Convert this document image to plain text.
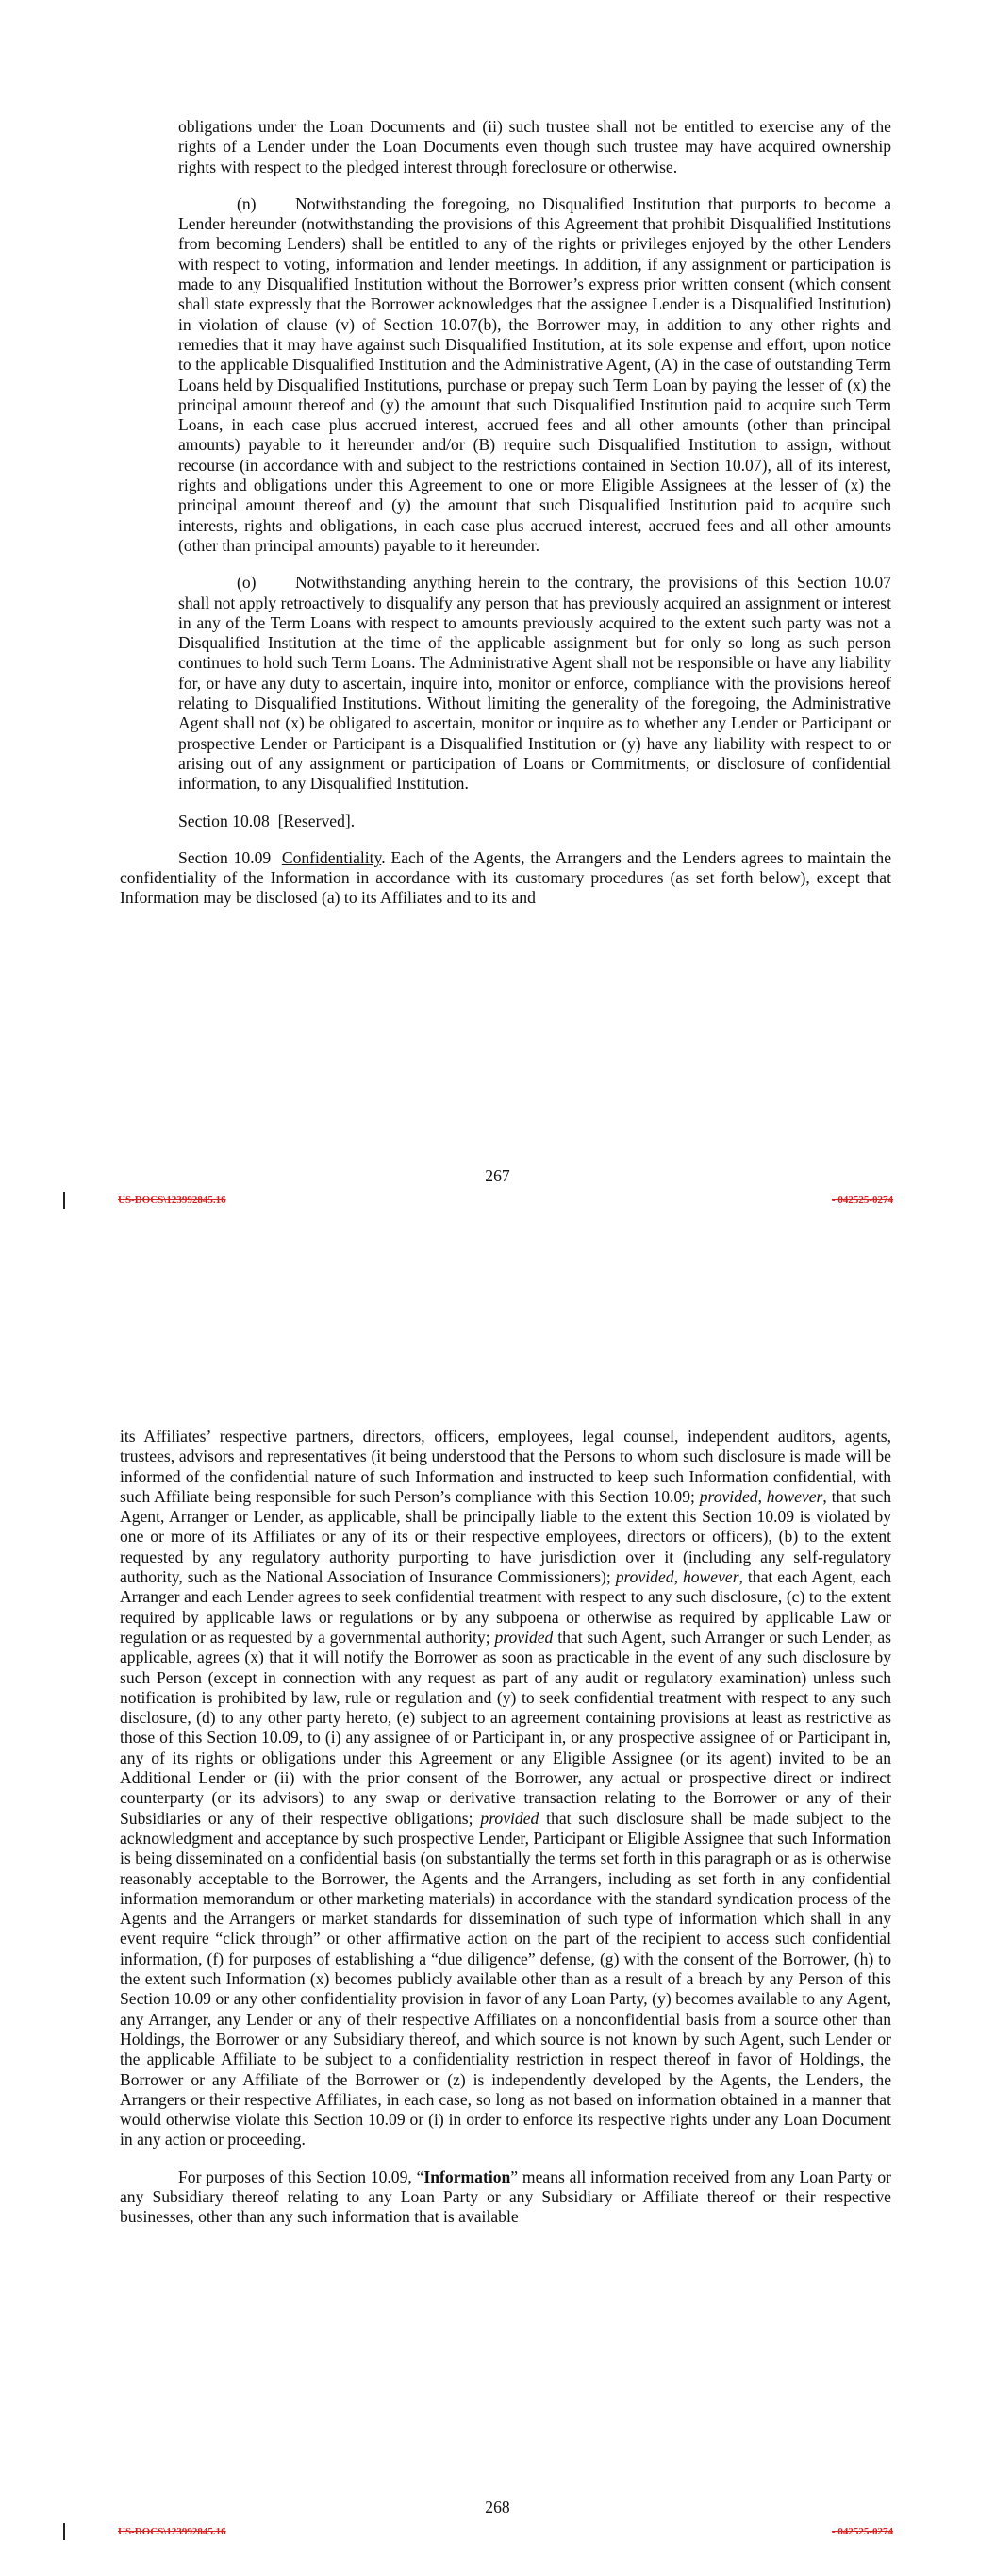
obligations under the Loan Documents and (ii) such trustee shall not be entitled to exercise any of the rights of a Lender under the Loan Documents even though such trustee may have acquired ownership rights with respect to the pledged interest through foreclosure or otherwise.

(n) Notwithstanding the foregoing, no Disqualified Institution that purports to become a Lender hereunder (notwithstanding the provisions of this Agreement that prohibit Disqualified Institutions from becoming Lenders) shall be entitled to any of the rights or privileges enjoyed by the other Lenders with respect to voting, information and lender meetings. In addition, if any assignment or participation is made to any Disqualified Institution without the Borrower’s express prior written consent (which consent shall state expressly that the Borrower acknowledges that the assignee Lender is a Disqualified Institution) in violation of clause (v) of Section 10.07(b), the Borrower may, in addition to any other rights and remedies that it may have against such Disqualified Institution, at its sole expense and effort, upon notice to the applicable Disqualified Institution and the Administrative Agent, (A) in the case of outstanding Term Loans held by Disqualified Institutions, purchase or prepay such Term Loan by paying the lesser of (x) the principal amount thereof and (y) the amount that such Disqualified Institution paid to acquire such Term Loans, in each case plus accrued interest, accrued fees and all other amounts (other than principal amounts) payable to it hereunder and/or (B) require such Disqualified Institution to assign, without recourse (in accordance with and subject to the restrictions contained in Section 10.07), all of its interest, rights and obligations under this Agreement to one or more Eligible Assignees at the lesser of (x) the principal amount thereof and (y) the amount that such Disqualified Institution paid to acquire such interests, rights and obligations, in each case plus accrued interest, accrued fees and all other amounts (other than principal amounts) payable to it hereunder.

(o) Notwithstanding anything herein to the contrary, the provisions of this Section 10.07 shall not apply retroactively to disqualify any person that has previously acquired an assignment or interest in any of the Term Loans with respect to amounts previously acquired to the extent such party was not a Disqualified Institution at the time of the applicable assignment but for only so long as such person continues to hold such Term Loans. The Administrative Agent shall not be responsible or have any liability for, or have any duty to ascertain, inquire into, monitor or enforce, compliance with the provisions hereof relating to Disqualified Institutions. Without limiting the generality of the foregoing, the Administrative Agent shall not (x) be obligated to ascertain, monitor or inquire as to whether any Lender or Participant or prospective Lender or Participant is a Disqualified Institution or (y) have any liability with respect to or arising out of any assignment or participation of Loans or Commitments, or disclosure of confidential information, to any Disqualified Institution.

Section 10.08 [Reserved].

Section 10.09 Confidentiality. Each of the Agents, the Arrangers and the Lenders agrees to maintain the confidentiality of the Information in accordance with its customary procedures (as set forth below), except that Information may be disclosed (a) to its Affiliates and to its and

267
US-DOCS\123992845.16	- 042525-0274

its Affiliates’ respective partners, directors, officers, employees, legal counsel, independent auditors, agents, trustees, advisors and representatives (it being understood that the Persons to whom such disclosure is made will be informed of the confidential nature of such Information and instructed to keep such Information confidential, with such Affiliate being responsible for such Person’s compliance with this Section 10.09; provided, however, that such Agent, Arranger or Lender, as applicable, shall be principally liable to the extent this Section 10.09 is violated by one or more of its Affiliates or any of its or their respective employees, directors or officers), (b) to the extent requested by any regulatory authority purporting to have jurisdiction over it (including any self-regulatory authority, such as the National Association of Insurance Commissioners); provided, however, that each Agent, each Arranger and each Lender agrees to seek confidential treatment with respect to any such disclosure, (c) to the extent required by applicable laws or regulations or by any subpoena or otherwise as required by applicable Law or regulation or as requested by a governmental authority; provided that such Agent, such Arranger or such Lender, as applicable, agrees (x) that it will notify the Borrower as soon as practicable in the event of any such disclosure by such Person (except in connection with any request as part of any audit or regulatory examination) unless such notification is prohibited by law, rule or regulation and (y) to seek confidential treatment with respect to any such disclosure, (d) to any other party hereto, (e) subject to an agreement containing provisions at least as restrictive as those of this Section 10.09, to (i) any assignee of or Participant in, or any prospective assignee of or Participant in, any of its rights or obligations under this Agreement or any Eligible Assignee (or its agent) invited to be an Additional Lender or (ii) with the prior consent of the Borrower, any actual or prospective direct or indirect counterparty (or its advisors) to any swap or derivative transaction relating to the Borrower or any of their Subsidiaries or any of their respective obligations; provided that such disclosure shall be made subject to the acknowledgment and acceptance by such prospective Lender, Participant or Eligible Assignee that such Information is being disseminated on a confidential basis (on substantially the terms set forth in this paragraph or as is otherwise reasonably acceptable to the Borrower, the Agents and the Arrangers, including as set forth in any confidential information memorandum or other marketing materials) in accordance with the standard syndication process of the Agents and the Arrangers or market standards for dissemination of such type of information which shall in any event require “click through” or other affirmative action on the part of the recipient to access such confidential information, (f) for purposes of establishing a “due diligence” defense, (g) with the consent of the Borrower, (h) to the extent such Information (x) becomes publicly available other than as a result of a breach by any Person of this Section 10.09 or any other confidentiality provision in favor of any Loan Party, (y) becomes available to any Agent, any Arranger, any Lender or any of their respective Affiliates on a nonconfidential basis from a source other than Holdings, the Borrower or any Subsidiary thereof, and which source is not known by such Agent, such Lender or the applicable Affiliate to be subject to a confidentiality restriction in respect thereof in favor of Holdings, the Borrower or any Affiliate of the Borrower or (z) is independently developed by the Agents, the Lenders, the Arrangers or their respective Affiliates, in each case, so long as not based on information obtained in a manner that would otherwise violate this Section 10.09 or (i) in order to enforce its respective rights under any Loan Document in any action or proceeding.

For purposes of this Section 10.09, “Information” means all information received from any Loan Party or any Subsidiary thereof relating to any Loan Party or any Subsidiary or Affiliate thereof or their respective businesses, other than any such information that is available

268
US-DOCS\123992845.16	- 042525-0274
